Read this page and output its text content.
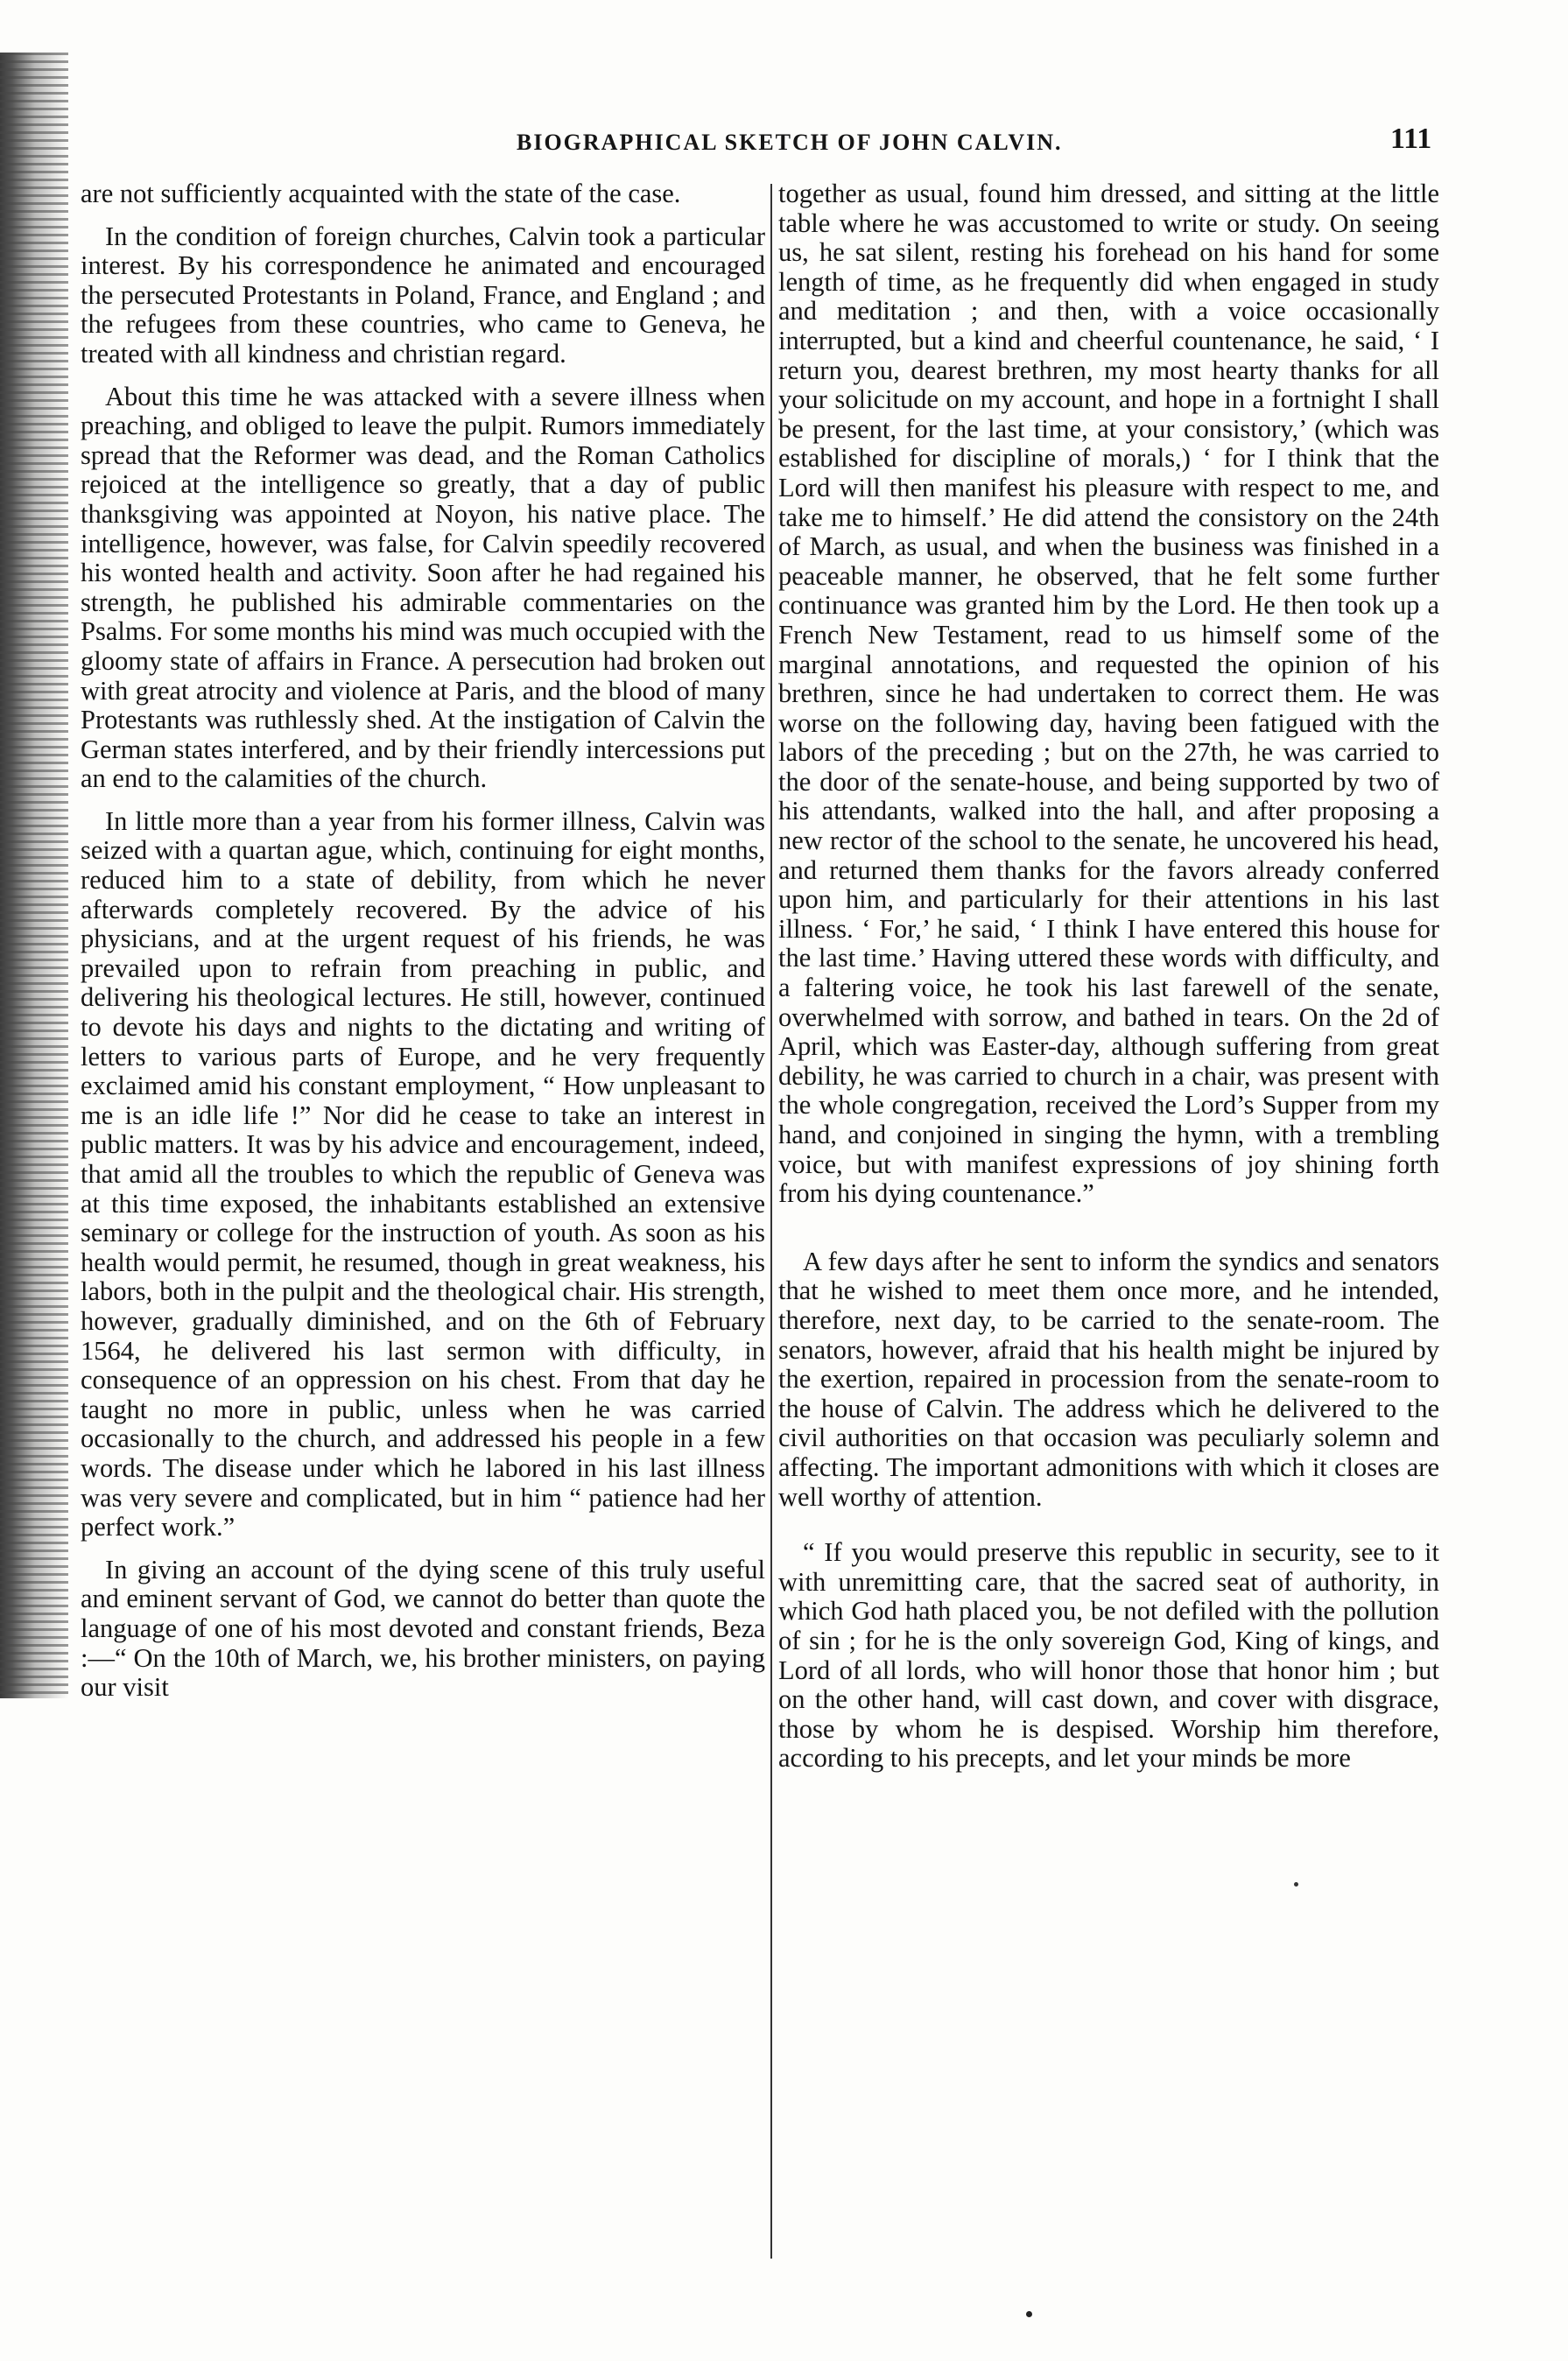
BIOGRAPHICAL SKETCH OF JOHN CALVIN.	111

are not sufficiently acquainted with the state of the case.

In the condition of foreign churches, Calvin took a particular interest. By his correspondence he animated and encouraged the persecuted Protestants in Poland, France, and England ; and the refugees from these countries, who came to Geneva, he treated with all kindness and christian regard.

About this time he was attacked with a severe illness when preaching, and obliged to leave the pulpit. Rumors immediately spread that the Reformer was dead, and the Roman Catholics rejoiced at the intelligence so greatly, that a day of public thanksgiving was appointed at Noyon, his native place. The intelligence, however, was false, for Calvin speedily recovered his wonted health and activity. Soon after he had regained his strength, he published his admirable commentaries on the Psalms. For some months his mind was much occupied with the gloomy state of affairs in France. A persecution had broken out with great atrocity and violence at Paris, and the blood of many Protestants was ruthlessly shed. At the instigation of Calvin the German states interfered, and by their friendly intercessions put an end to the calamities of the church.

In little more than a year from his former illness, Calvin was seized with a quartan ague, which, continuing for eight months, reduced him to a state of debility, from which he never afterwards completely recovered. By the advice of his physicians, and at the urgent request of his friends, he was prevailed upon to refrain from preaching in public, and delivering his theological lectures. He still, however, continued to devote his days and nights to the dictating and writing of letters to various parts of Europe, and he very frequently exclaimed amid his constant employment, “ How unpleasant to me is an idle life !” Nor did he cease to take an interest in public matters. It was by his advice and encouragement, indeed, that amid all the troubles to which the republic of Geneva was at this time exposed, the inhabitants established an extensive seminary or college for the instruction of youth. As soon as his health would permit, he resumed, though in great weakness, his labors, both in the pulpit and the theological chair. His strength, however, gradually diminished, and on the 6th of February 1564, he delivered his last sermon with difficulty, in consequence of an oppression on his chest. From that day he taught no more in public, unless when he was carried occasionally to the church, and addressed his people in a few words. The disease under which he labored in his last illness was very severe and complicated, but in him “ patience had her perfect work.”

In giving an account of the dying scene of this truly useful and eminent servant of God, we cannot do better than quote the language of one of his most devoted and constant friends, Beza :—“ On the 10th of March, we, his brother ministers, on paying our visit

together as usual, found him dressed, and sitting at the little table where he was accustomed to write or study. On seeing us, he sat silent, resting his forehead on his hand for some length of time, as he frequently did when engaged in study and meditation ; and then, with a voice occasionally interrupted, but a kind and cheerful countenance, he said, ‘ I return you, dearest brethren, my most hearty thanks for all your solicitude on my account, and hope in a fortnight I shall be present, for the last time, at your consistory,’ (which was established for discipline of morals,) ‘ for I think that the Lord will then manifest his pleasure with respect to me, and take me to himself.’ He did attend the consistory on the 24th of March, as usual, and when the business was finished in a peaceable manner, he observed, that he felt some further continuance was granted him by the Lord. He then took up a French New Testament, read to us himself some of the marginal annotations, and requested the opinion of his brethren, since he had undertaken to correct them. He was worse on the following day, having been fatigued with the labors of the preceding ; but on the 27th, he was carried to the door of the senate-house, and being supported by two of his attendants, walked into the hall, and after proposing a new rector of the school to the senate, he uncovered his head, and returned them thanks for the favors already conferred upon him, and particularly for their attentions in his last illness. ‘ For,’ he said, ‘ I think I have entered this house for the last time.’ Having uttered these words with difficulty, and a faltering voice, he took his last farewell of the senate, overwhelmed with sorrow, and bathed in tears. On the 2d of April, which was Easter-day, although suffering from great debility, he was carried to church in a chair, was present with the whole congregation, received the Lord’s Supper from my hand, and conjoined in singing the hymn, with a trembling voice, but with manifest expressions of joy shining forth from his dying countenance.”

A few days after he sent to inform the syndics and senators that he wished to meet them once more, and he intended, therefore, next day, to be carried to the senate-room. The senators, however, afraid that his health might be injured by the exertion, repaired in procession from the senate-room to the house of Calvin. The address which he delivered to the civil authorities on that occasion was peculiarly solemn and affecting. The important admonitions with which it closes are well worthy of attention.

“ If you would preserve this republic in security, see to it with unremitting care, that the sacred seat of authority, in which God hath placed you, be not defiled with the pollution of sin ; for he is the only sovereign God, King of kings, and Lord of all lords, who will honor those that honor him ; but on the other hand, will cast down, and cover with disgrace, those by whom he is despised. Worship him therefore, according to his precepts, and let your minds be more
